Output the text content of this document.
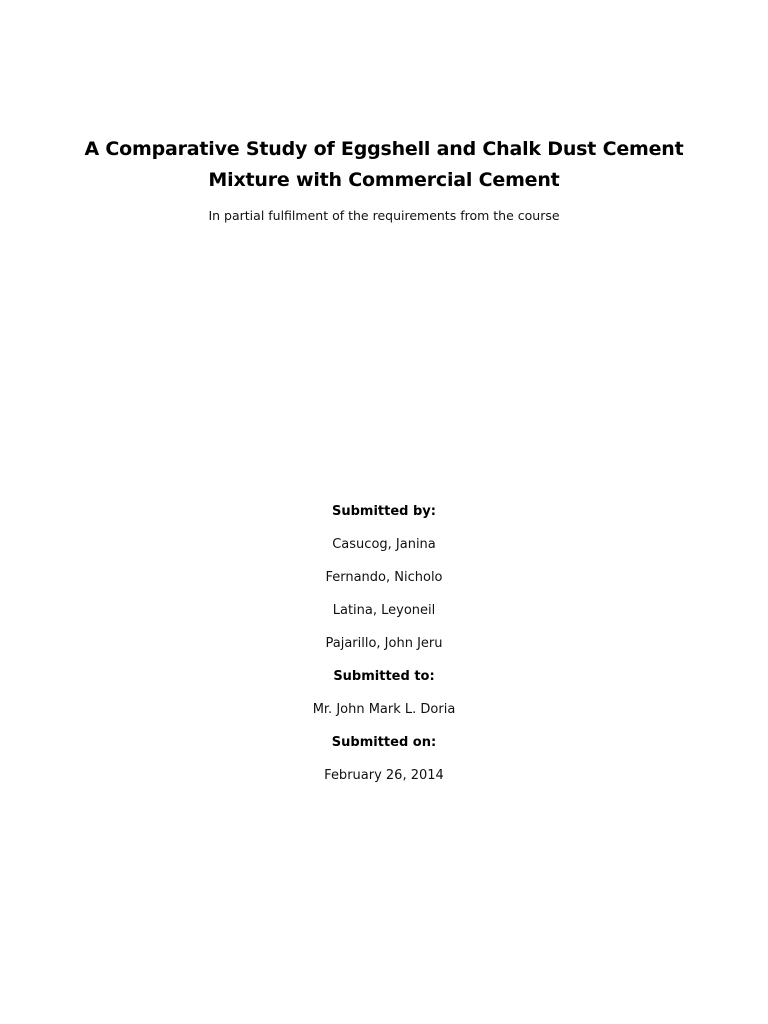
A Comparative Study of Eggshell and Chalk Dust Cement
Mixture with Commercial Cement

In partial fulfilment of the requirements from the course

Submitted by:
Casucog, Janina
Fernando, Nicholo
Latina, Leyoneil
Pajarillo, John Jeru
Submitted to:
Mr. John Mark L. Doria
Submitted on:
February 26, 2014
